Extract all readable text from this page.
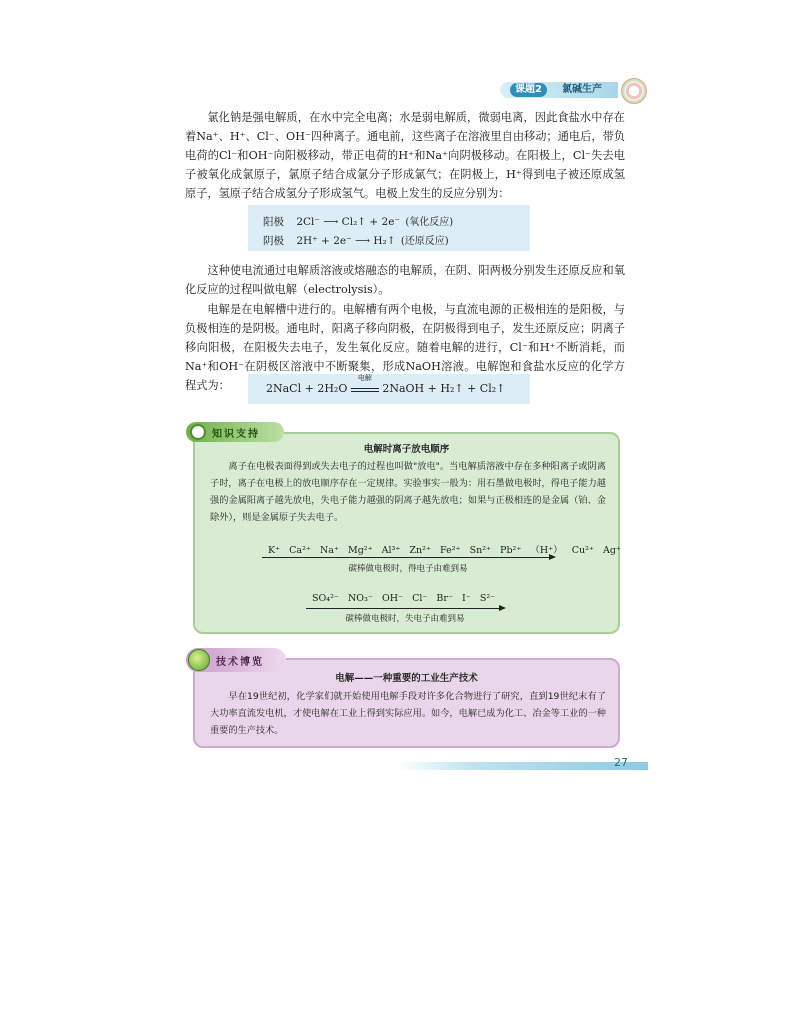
课题2	氯碱生产

氯化钠是强电解质，在水中完全电离；水是弱电解质，微弱电离，因此食盐水中存在着Na⁺、H⁺、Cl⁻、OH⁻四种离子。通电前，这些离子在溶液里自由移动；通电后，带负电荷的Cl⁻和OH⁻向阳极移动，带正电荷的H⁺和Na⁺向阴极移动。在阳极上，Cl⁻失去电子被氧化成氯原子，氯原子结合成氯分子形成氯气；在阴极上，H⁺得到电子被还原成氢原子，氢原子结合成氢分子形成氢气。电极上发生的反应分别为：

阳极 2Cl⁻ ⟶ Cl₂↑ + 2e⁻ (氧化反应)
阴极 2H⁺ + 2e⁻ ⟶ H₂↑ (还原反应)

这种使电流通过电解质溶液或熔融态的电解质，在阴、阳两极分别发生还原反应和氧化反应的过程叫做电解（electrolysis）。

电解是在电解槽中进行的。电解槽有两个电极，与直流电源的正极相连的是阳极，与负极相连的是阴极。通电时，阳离子移向阴极，在阴极得到电子，发生还原反应；阴离子移向阳极，在阳极失去电子，发生氧化反应。随着电解的进行，Cl⁻和H⁺不断消耗，而Na⁺和OH⁻在阴极区溶液中不断聚集，形成NaOH溶液。电解饱和食盐水反应的化学方程式为：	2NaCl + 2H₂O
电解
2NaOH + H₂↑ + Cl₂↑
知识支持
电解时离子放电顺序

离子在电极表面得到或失去电子的过程也叫做"放电"。当电解质溶液中存在多种阳离子或阴离子时，离子在电极上的放电顺序存在一定规律。实验事实一般为：用石墨做电极时，得电子能力越强的金属阳离子越先放电，失电子能力越强的阴离子越先放电；如果与正极相连的是金属（铂、金除外），则是金属原子失去电子。

K⁺ Ca²⁺ Na⁺ Mg²⁺ Al³⁺ Zn²⁺ Fe²⁺ Sn²⁺ Pb²⁺ （H⁺） Cu²⁺ Ag⁺
碳棒做电极时，得电子由难到易
SO₄²⁻ NO₃⁻ OH⁻ Cl⁻ Br⁻ I⁻ S²⁻
碳棒做电极时，失电子由难到易
技术博览
电解——一种重要的工业生产技术

早在19世纪初，化学家们就开始使用电解手段对许多化合物进行了研究，直到19世纪末有了大功率直流发电机，才使电解在工业上得到实际应用。如今，电解已成为化工、冶金等工业的一种重要的生产技术。

27
